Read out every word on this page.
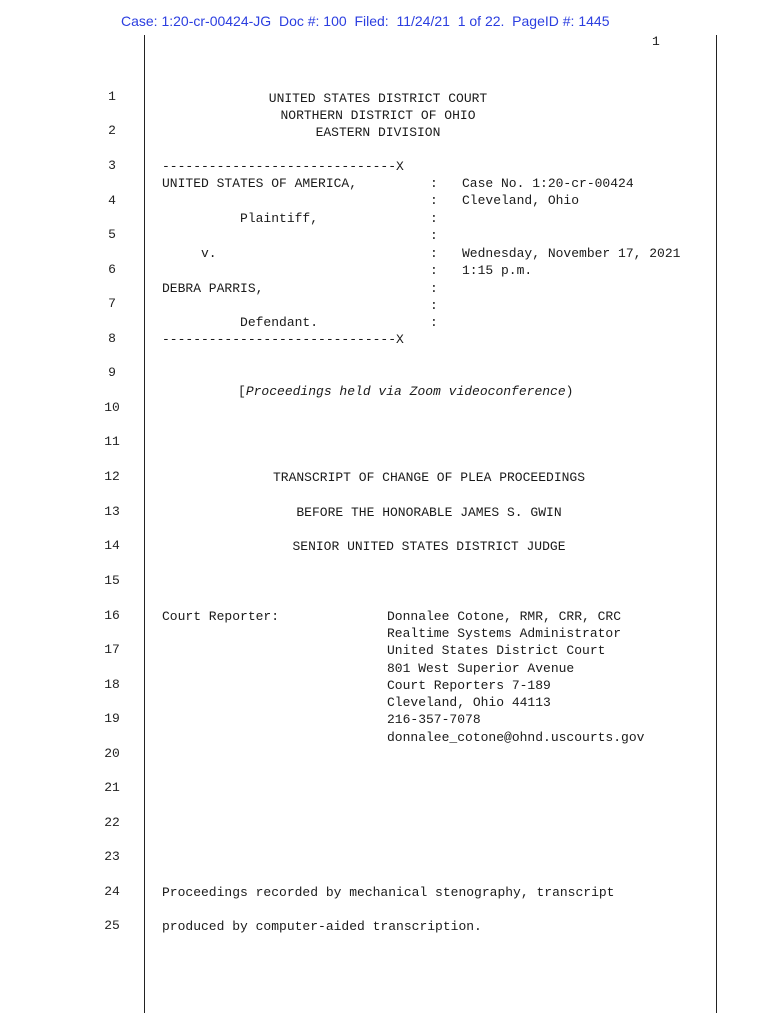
Case: 1:20-cr-00424-JG  Doc #: 100  Filed:  11/24/21  1 of 22.  PageID #: 1445
1
1
2
3
4
5
6
7
8
9
10
11
12
13
14
15
16
17
18
19
20
21
22
23
24
25
UNITED STATES DISTRICT COURT
NORTHERN DISTRICT OF OHIO
EASTERN DIVISION
------------------------------X
UNITED STATES OF AMERICA,
Plaintiff,
v.
DEBRA PARRIS,
Defendant.
:
:
:
:
:
:
:
:
:
Case No. 1:20-cr-00424
Cleveland, Ohio
Wednesday, November 17, 2021
1:15 p.m.
------------------------------X
[Proceedings held via Zoom videoconference)
TRANSCRIPT OF CHANGE OF PLEA PROCEEDINGS
BEFORE THE HONORABLE JAMES S. GWIN
SENIOR UNITED STATES DISTRICT JUDGE
Court Reporter:	Donnalee Cotone, RMR, CRR, CRC
Realtime Systems Administrator
United States District Court
801 West Superior Avenue
Court Reporters 7-189
Cleveland, Ohio 44113
216-357-7078
donnalee_cotone@ohnd.uscourts.gov
Proceedings recorded by mechanical stenography, transcript
produced by computer-aided transcription.
